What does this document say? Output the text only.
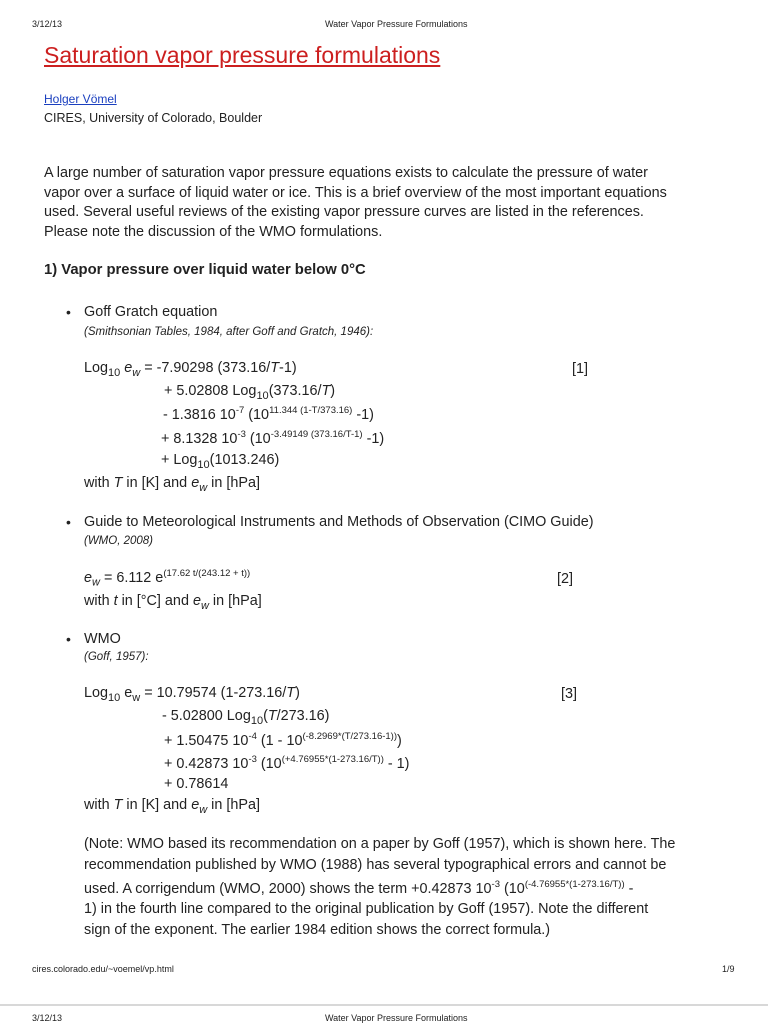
3/12/13	Water Vapor Pressure Formulations
Saturation vapor pressure formulations
Holger Vömel
CIRES, University of Colorado, Boulder
A large number of saturation vapor pressure equations exists to calculate the pressure of water
vapor over a surface of liquid water or ice. This is a brief overview of the most important equations
used. Several useful reviews of the existing vapor pressure curves are listed in the references.
Please note the discussion of the WMO formulations.
1) Vapor pressure over liquid water below 0°C
• Goff Gratch equation
(Smithsonian Tables, 1984, after Goff and Gratch, 1946):
Log$_{10}$ $e_w = -7.90298$ (373.16/T-1)	[1]
+ 5.02808 Log$_{10}$(373.16/T)
- 1.3816 $10^{-7}$ ($10^{11.344 (1-T/373.16)}$ -1)
+ 8.1328 $10^{-3}$ ($10^{-3.49149 (373.16/T-1)}$ -1)
+ Log$_{10}$(1013.246)
with T in [K] and $e_w$ in [hPa]
• Guide to Meteorological Instruments and Methods of Observation (CIMO Guide)
(WMO, 2008)
$e_w = 6.112$ $e^{(17.62 t/(243.12 + t))}$	[2]
with t in [°C] and $e_w$ in [hPa]
• WMO
(Goff, 1957):
Log$_{10}$ $e_w = 10.79574$ (1-273.16/T)	[3]
- 5.02800 Log$_{10}$(T/273.16)
+ 1.50475 $10^{-4}$ $(1 - 10^{(-8.2969*(T/273.16-1))})$
+ 0.42873 $10^{-3}$ $(10^{(+4.76955*(1-273.16/T))} - 1)$
+ 0.78614
with T in [K] and $e_w$ in [hPa]
(Note: WMO based its recommendation on a paper by Goff (1957), which is shown here. The
recommendation published by WMO (1988) has several typographical errors and cannot be
used. A corrigendum (WMO, 2000) shows the term +0.42873 $10^{-3}$ ($10^{(-4.76955*(1-273.16/T))}$ -
1) in the fourth line compared to the original publication by Goff (1957). Note the different
sign of the exponent. The earlier 1984 edition shows the correct formula.)
cires.colorado.edu/~voemel/vp.html	1/9
3/12/13	Water Vapor Pressure Formulations
